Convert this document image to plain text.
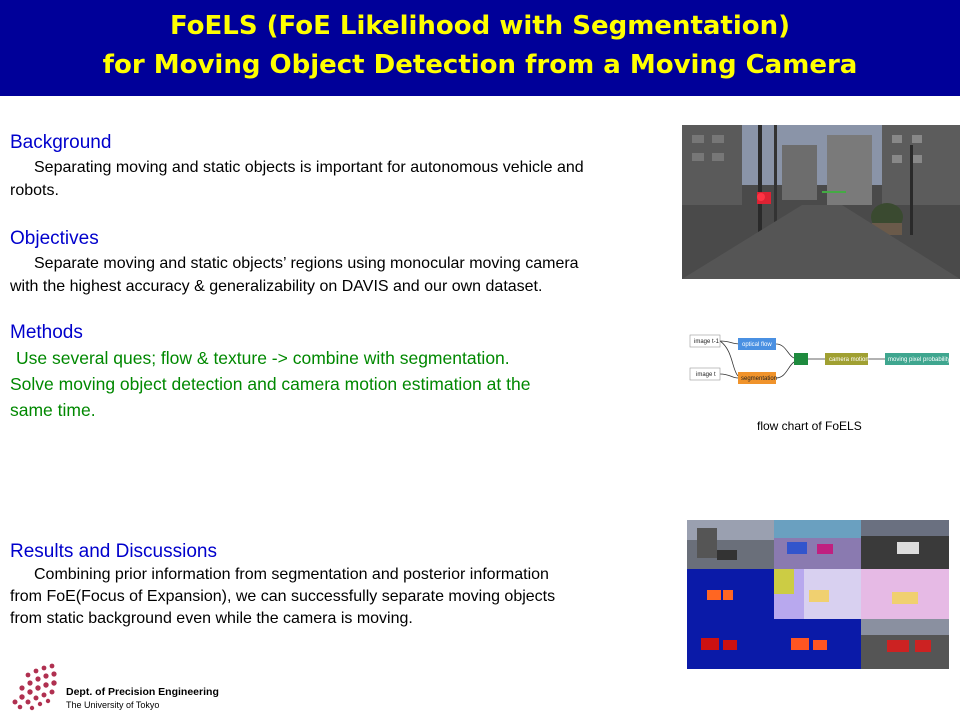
FoELS (FoE Likelihood with Segmentation)
for Moving Object Detection from a Moving Camera
Background
Separating moving and static objects is important for autonomous vehicle and
robots.
Objectives
Separate moving and static objects’ regions using monocular moving camera
with the highest accuracy & generalizability on DAVIS and our own dataset.
Methods
Use several ques; flow & texture -> combine with segmentation.
Solve moving object detection and camera motion estimation at the
same time.
image t-1
image t
optical flow
segmentation
camera motion	moving pixel probability
flow chart of FoELS
Results and Discussions
Combining prior information from segmentation and posterior information
from FoE(Focus of Expansion), we can successfully separate moving objects
from static background even while the camera is moving.
Dept. of Precision Engineering
The University of Tokyo
